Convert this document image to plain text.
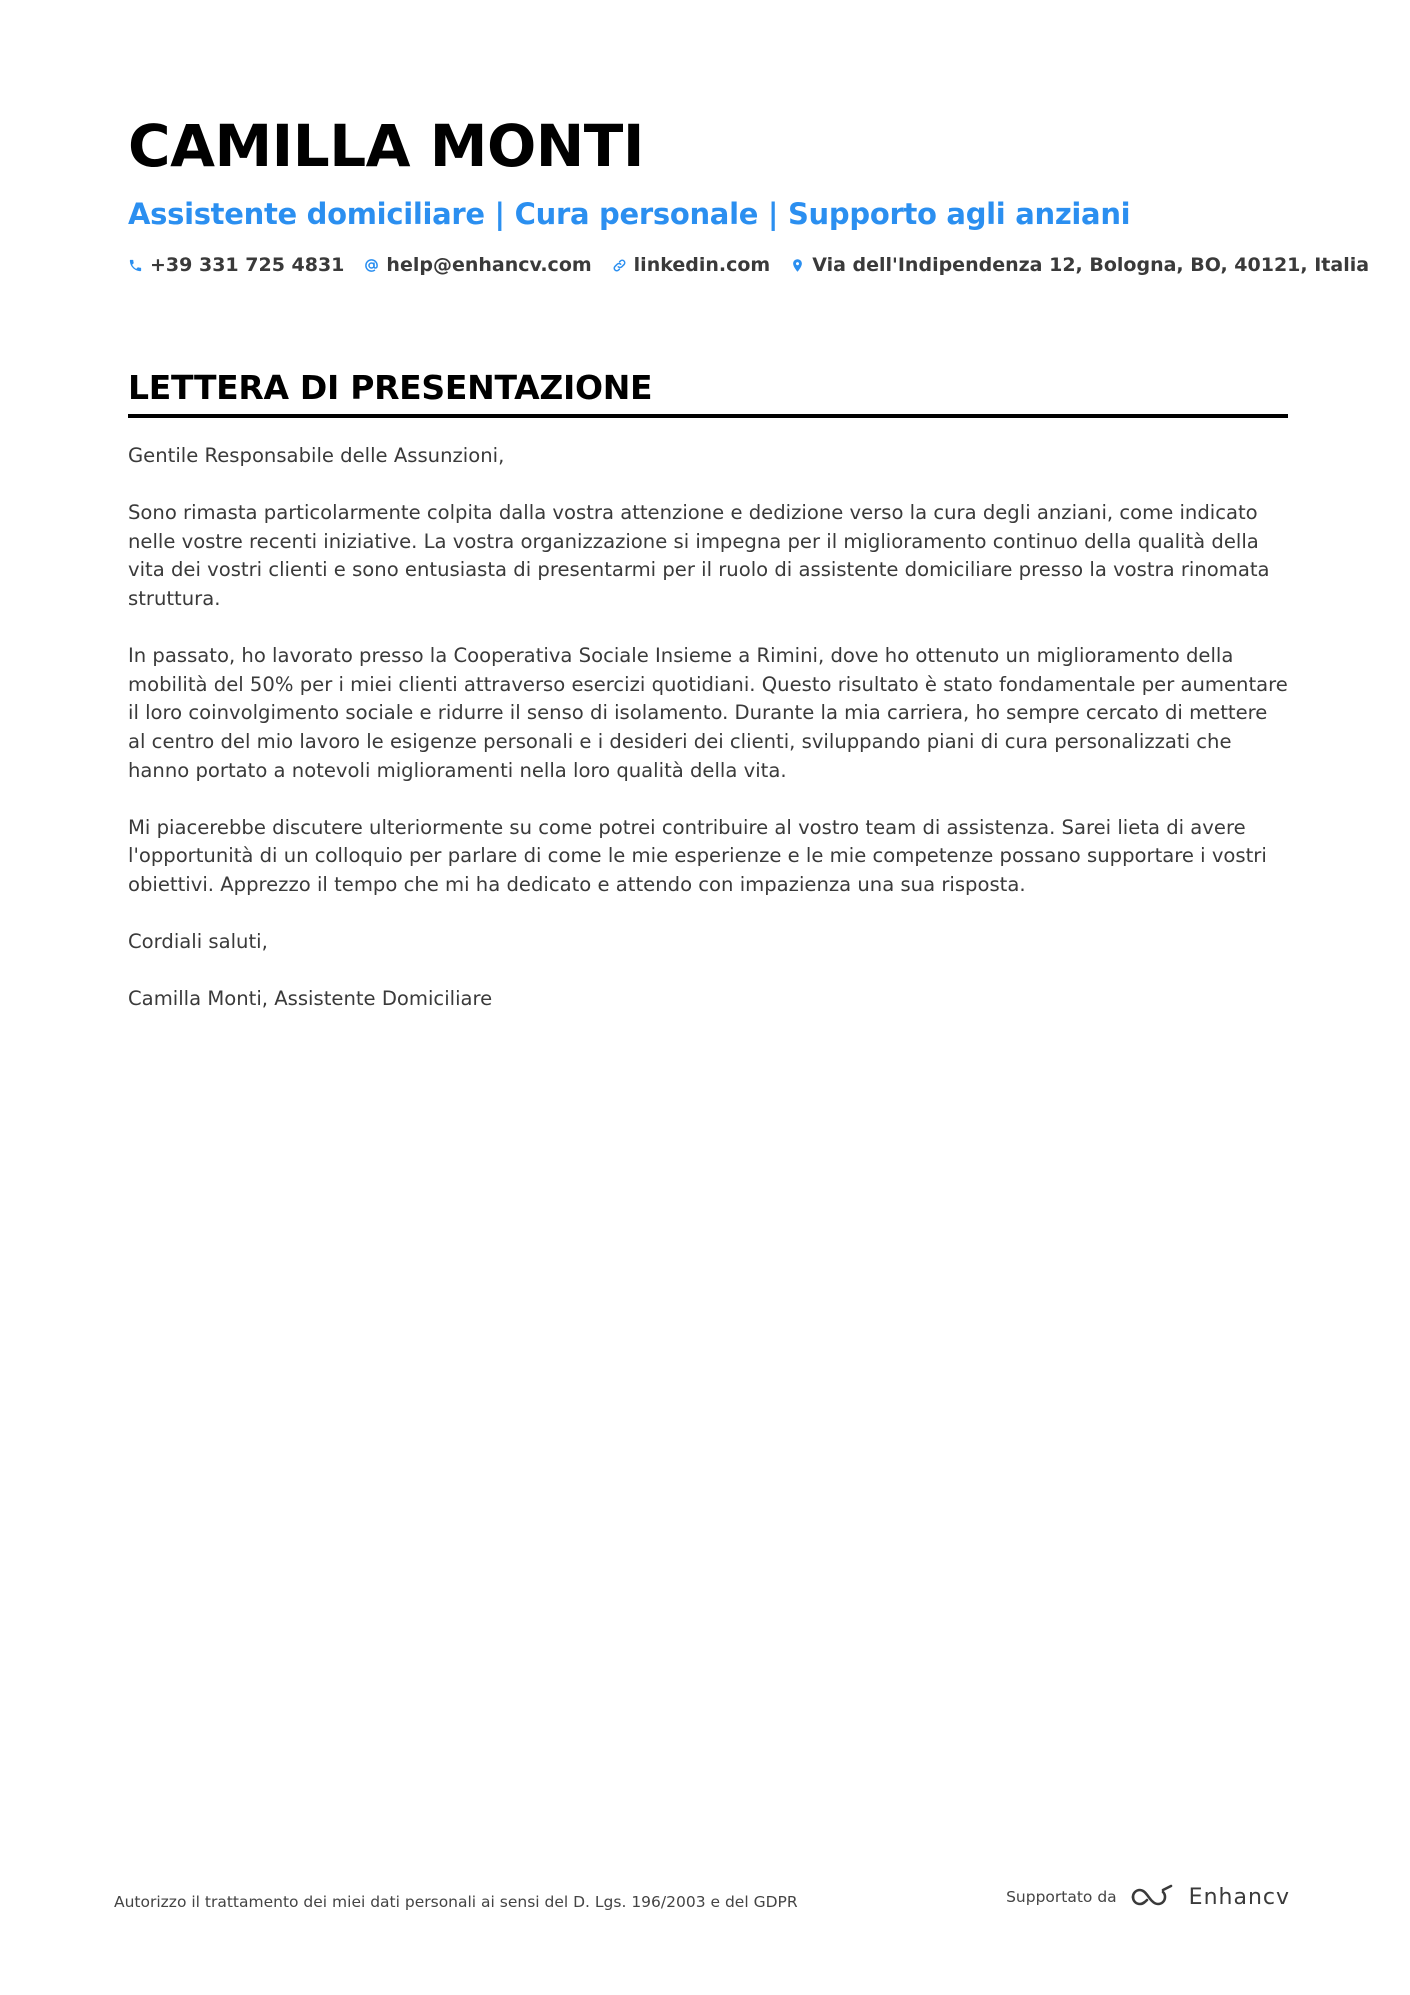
CAMILLA MONTI
Assistente domiciliare | Cura personale | Supporto agli anziani
+39 331 725 4831 help@enhancv.com linkedin.com Via dell'Indipendenza 12, Bologna, BO, 40121, Italia
LETTERA DI PRESENTAZIONE

Gentile Responsabile delle Assunzioni,

Sono rimasta particolarmente colpita dalla vostra attenzione e dedizione verso la cura degli anziani, come indicato nelle vostre recenti iniziative. La vostra organizzazione si impegna per il miglioramento continuo della qualità della vita dei vostri clienti e sono entusiasta di presentarmi per il ruolo di assistente domiciliare presso la vostra rinomata struttura.

In passato, ho lavorato presso la Cooperativa Sociale Insieme a Rimini, dove ho ottenuto un miglioramento della mobilità del 50% per i miei clienti attraverso esercizi quotidiani. Questo risultato è stato fondamentale per aumentare il loro coinvolgimento sociale e ridurre il senso di isolamento. Durante la mia carriera, ho sempre cercato di mettere al centro del mio lavoro le esigenze personali e i desideri dei clienti, sviluppando piani di cura personalizzati che hanno portato a notevoli miglioramenti nella loro qualità della vita.

Mi piacerebbe discutere ulteriormente su come potrei contribuire al vostro team di assistenza. Sarei lieta di avere l'opportunità di un colloquio per parlare di come le mie esperienze e le mie competenze possano supportare i vostri obiettivi. Apprezzo il tempo che mi ha dedicato e attendo con impazienza una sua risposta.

Cordiali saluti,

Camilla Monti, Assistente Domiciliare

Autorizzo il trattamento dei miei dati personali ai sensi del D. Lgs. 196/2003 e del GDPR	Supportato da	Enhancv
